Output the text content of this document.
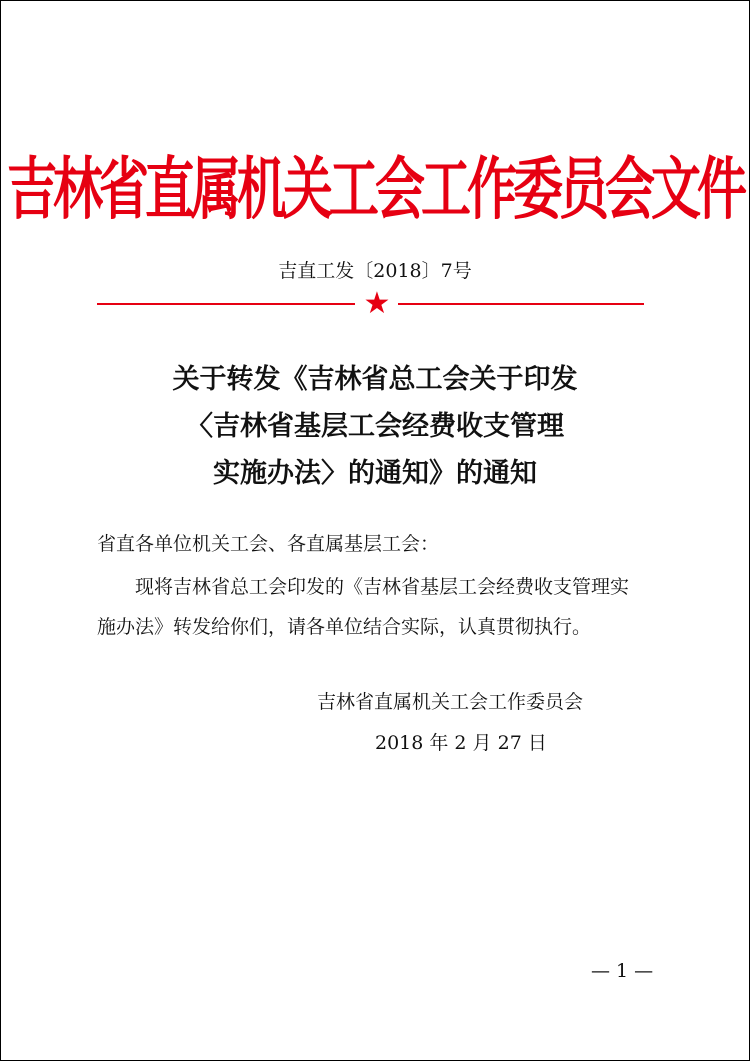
吉林省直属机关工会工作委员会文件
吉直工发〔2018〕7号
★
关于转发《吉林省总工会关于印发
〈吉林省基层工会经费收支管理
实施办法〉的通知》的通知
省直各单位机关工会、各直属基层工会：
现将吉林省总工会印发的《吉林省基层工会经费收支管理实
施办法》转发给你们，请各单位结合实际，认真贯彻执行。
吉林省直属机关工会工作委员会
2018 年 2 月 27 日
— 1 —
